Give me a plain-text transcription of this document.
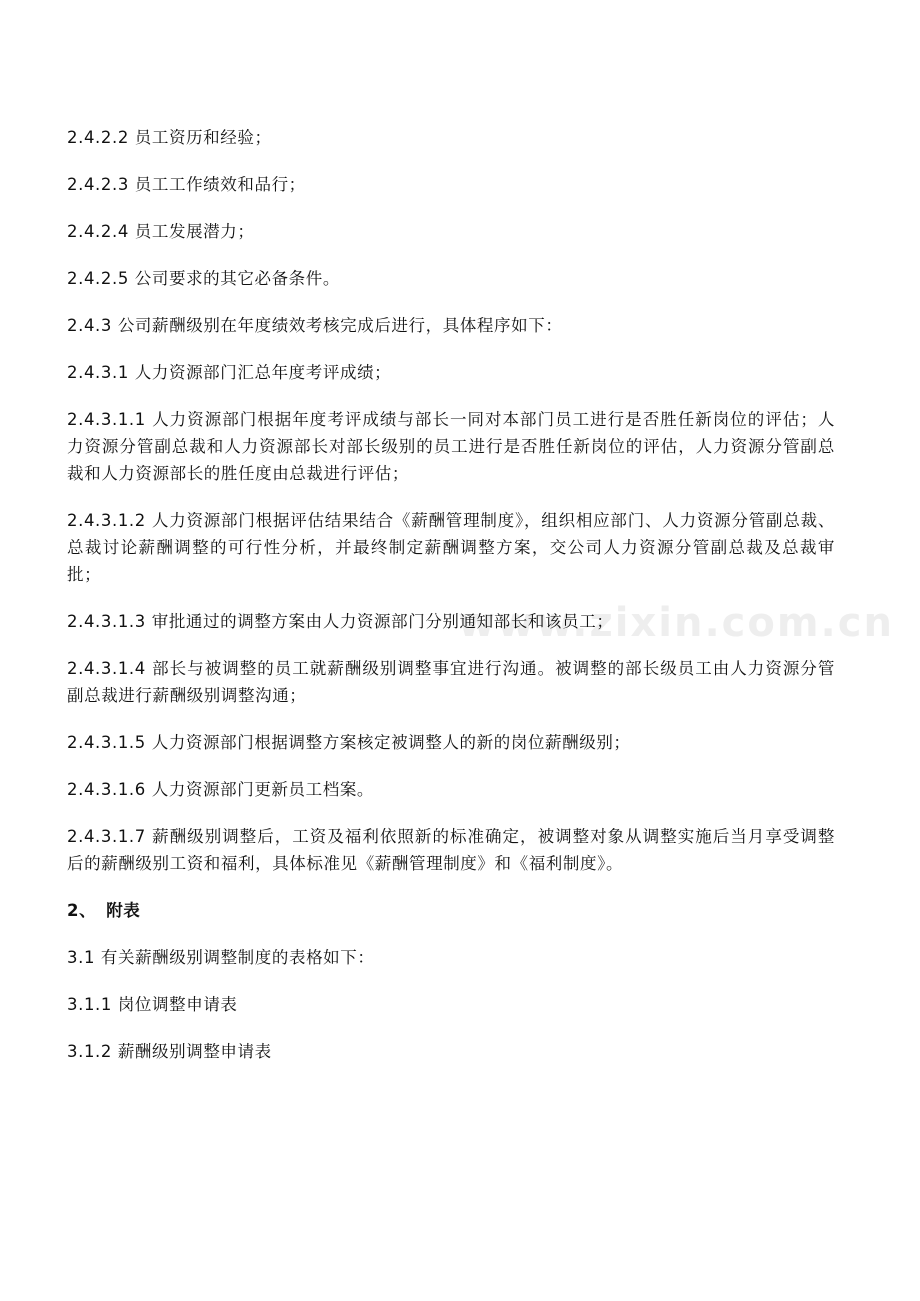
www.zixin.com.cn

2.4.2.2 员工资历和经验；

2.4.2.3 员工工作绩效和品行；

2.4.2.4 员工发展潜力；

2.4.2.5 公司要求的其它必备条件。

2.4.3 公司薪酬级别在年度绩效考核完成后进行，具体程序如下：

2.4.3.1 人力资源部门汇总年度考评成绩；

2.4.3.1.1 人力资源部门根据年度考评成绩与部长一同对本部门员工进行是否胜任新岗位的评估；人力资源分管副总裁和人力资源部长对部长级别的员工进行是否胜任新岗位的评估，人力资源分管副总裁和人力资源部长的胜任度由总裁进行评估；

2.4.3.1.2 人力资源部门根据评估结果结合《薪酬管理制度》，组织相应部门、人力资源分管副总裁、总裁讨论薪酬调整的可行性分析，并最终制定薪酬调整方案，交公司人力资源分管副总裁及总裁审批；

2.4.3.1.3 审批通过的调整方案由人力资源部门分别通知部长和该员工；

2.4.3.1.4 部长与被调整的员工就薪酬级别调整事宜进行沟通。被调整的部长级员工由人力资源分管副总裁进行薪酬级别调整沟通；

2.4.3.1.5 人力资源部门根据调整方案核定被调整人的新的岗位薪酬级别；

2.4.3.1.6 人力资源部门更新员工档案。

2.4.3.1.7 薪酬级别调整后，工资及福利依照新的标准确定，被调整对象从调整实施后当月享受调整后的薪酬级别工资和福利，具体标准见《薪酬管理制度》和《福利制度》。

2、 附表

3.1 有关薪酬级别调整制度的表格如下：

3.1.1 岗位调整申请表

3.1.2 薪酬级别调整申请表
